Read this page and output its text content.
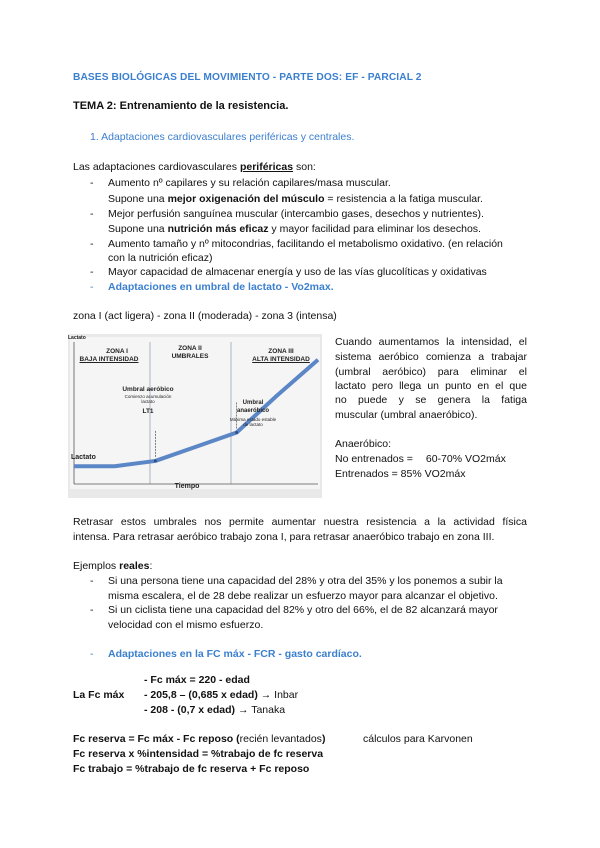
BASES BIOLÓGICAS DEL MOVIMIENTO - PARTE DOS: EF - PARCIAL 2
TEMA 2: Entrenamiento de la resistencia.
1. Adaptaciones cardiovasculares periféricas y centrales.
Las adaptaciones cardiovasculares periféricas son:
- Aumento nº capilares y su relación capilares/masa muscular.
Supone una mejor oxigenación del músculo = resistencia a la fatiga muscular.
- Mejor perfusión sanguínea muscular (intercambio gases, desechos y nutrientes).
Supone una nutrición más eficaz y mayor facilidad para eliminar los desechos.
- Aumento tamaño y nº mitocondrias, facilitando el metabolismo oxidativo. (en relación
con la nutrición eficaz)
- Mayor capacidad de almacenar energía y uso de las vías glucolíticas y oxidativas
- Adaptaciones en umbral de lactato - Vo2max.
zona I (act ligera) - zona II (moderada) - zona 3 (intensa)
Lactato
ZONA I
BAJA INTENSIDAD
ZONA II
UMBRALES
ZONA III
ALTA INTENSIDAD
Umbral aeróbico
Comienzo acumulación lactato
LT1
Umbral anaeróbico
Máxima estado estable de lactato
Lactato
Tiempo
Cuando aumentamos la intensidad, el
sistema aeróbico comienza a trabajar
(umbral aeróbico) para eliminar el
lactato pero llega un punto en el que
no puede y se genera la fatiga
muscular (umbral anaeróbico).
Anaeróbico:
No entrenados = 60-70% VO2máx
Entrenados = 85% VO2máx
Retrasar estos umbrales nos permite aumentar nuestra resistencia a la actividad física
intensa. Para retrasar aeróbico trabajo zona I, para retrasar anaeróbico trabajo en zona III.
Ejemplos reales:
- Si una persona tiene una capacidad del 28% y otra del 35% y los ponemos a subir la
misma escalera, el de 28 debe realizar un esfuerzo mayor para alcanzar el objetivo.
- Si un ciclista tiene una capacidad del 82% y otro del 66%, el de 82 alcanzará mayor
velocidad con el mismo esfuerzo.
- Adaptaciones en la FC máx - FCR - gasto cardíaco.
- Fc máx = 220 - edad
La Fc máx - 205,8 – (0,685 x edad) → Inbar
- 208 - (0,7 x edad) → Tanaka
Fc reserva = Fc máx - Fc reposo (recién levantados)	cálculos para Karvonen
Fc reserva x %intensidad = %trabajo de fc reserva
Fc trabajo = %trabajo de fc reserva + Fc reposo
